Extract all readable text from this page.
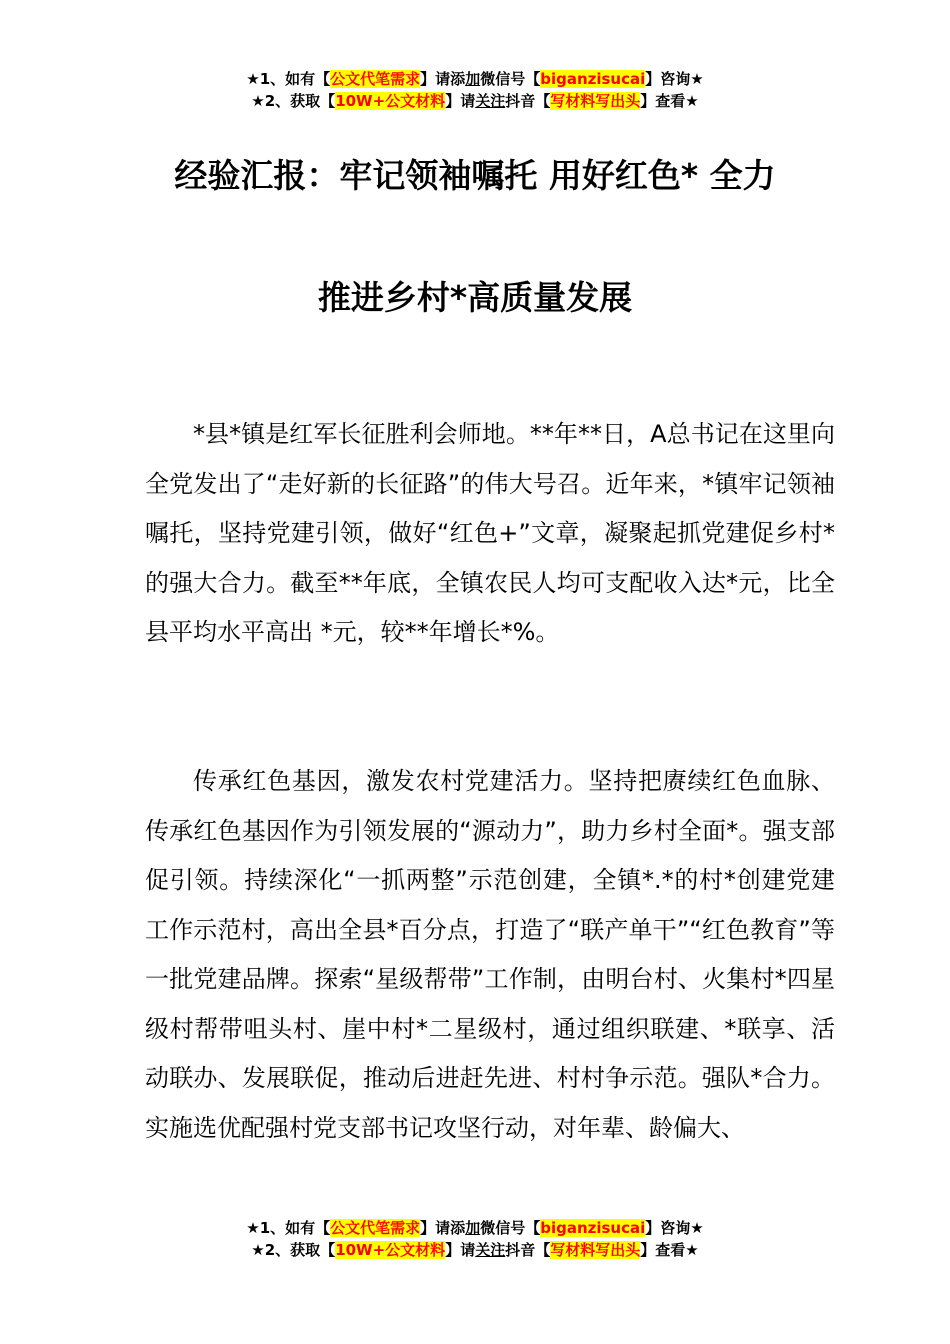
★1、如有【公文代笔需求】请添加微信号【biganzisucai】咨询★
★2、获取【10W+公文材料】请关注抖音【写材料写出头】查看★
经验汇报：牢记领袖嘱托 用好红色* 全力
推进乡村*高质量发展

*县*镇是红军长征胜利会师地。**年**日，A总书记在这里向全党发出了“走好新的长征路”的伟大号召。近年来，*镇牢记领袖嘱托，坚持党建引领，做好“红色+”文章，凝聚起抓党建促乡村*的强大合力。截至**年底，全镇农民人均可支配收入达*元，比全县平均水平高出 *元，较**年增长*%。

传承红色基因，激发农村党建活力。坚持把赓续红色血脉、传承红色基因作为引领发展的“源动力”，助力乡村全面*。强支部促引领。持续深化“一抓两整”示范创建，全镇*.*的村*创建党建工作示范村，高出全县*百分点，打造了“联产单干”“红色教育”等一批党建品牌。探索“星级帮带”工作制，由明台村、火集村*四星级村帮带咀头村、崖中村*二星级村，通过组织联建、*联享、活动联办、发展联促，推动后进赶先进、村村争示范。强队*合力。实施选优配强村党支部书记攻坚行动，对年辈、龄偏大、

★1、如有【公文代笔需求】请添加微信号【biganzisucai】咨询★
★2、获取【10W+公文材料】请关注抖音【写材料写出头】查看★
